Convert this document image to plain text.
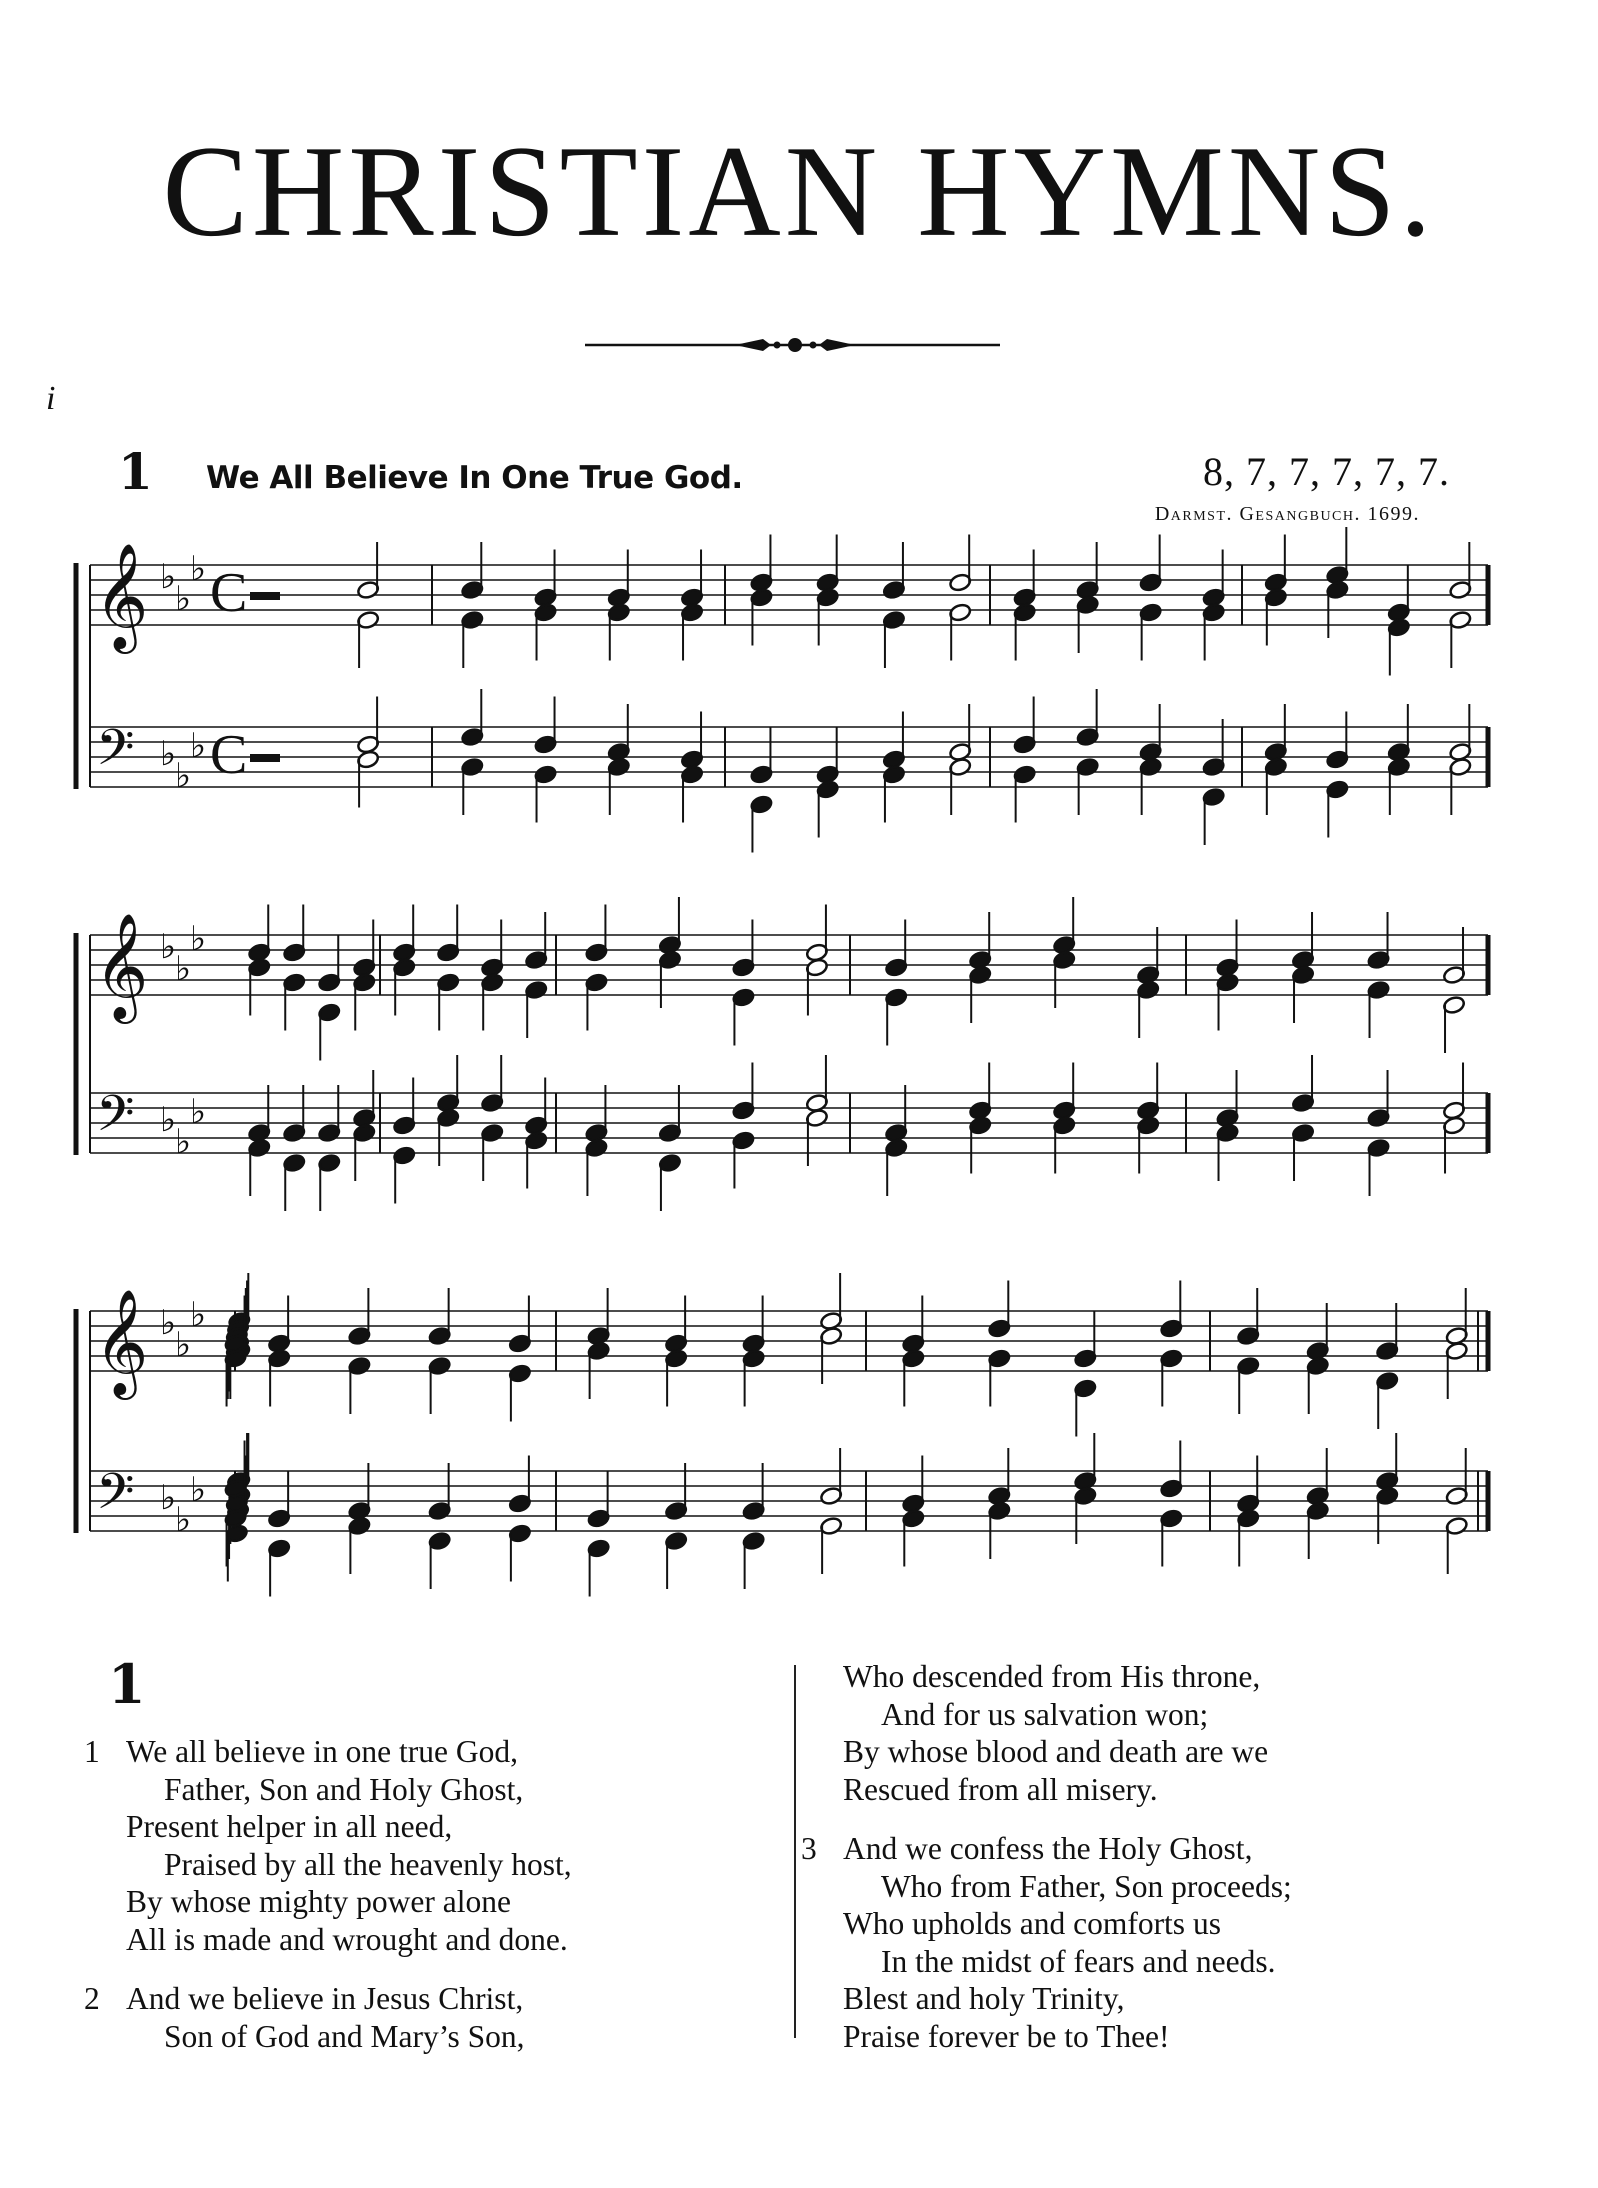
CHRISTIAN HYMNS.
i
1 We All Believe In One True God.	8, 7, 7, 7, 7, 7.
Darmst. Gesangbuch. 1699.
𝄞 ♭
♭
♭ C
𝄢 ♭
♭
♭ C
𝄞 ♭
♭
♭
𝄢 ♭
♭
♭
𝄞 ♭
♭
♭
𝄢 ♭
♭
♭
1
1 We all believe in one true God,
Father, Son and Holy Ghost,
Present helper in all need,
Praised by all the heavenly host,
By whose mighty power alone
All is made and wrought and done.
2 And we believe in Jesus Christ,
Son of God and Mary’s Son,
Who descended from His throne,
And for us salvation won;
By whose blood and death are we
Rescued from all misery.
3 And we confess the Holy Ghost,
Who from Father, Son proceeds;
Who upholds and comforts us
In the midst of fears and needs.
Blest and holy Trinity,
Praise forever be to Thee!
